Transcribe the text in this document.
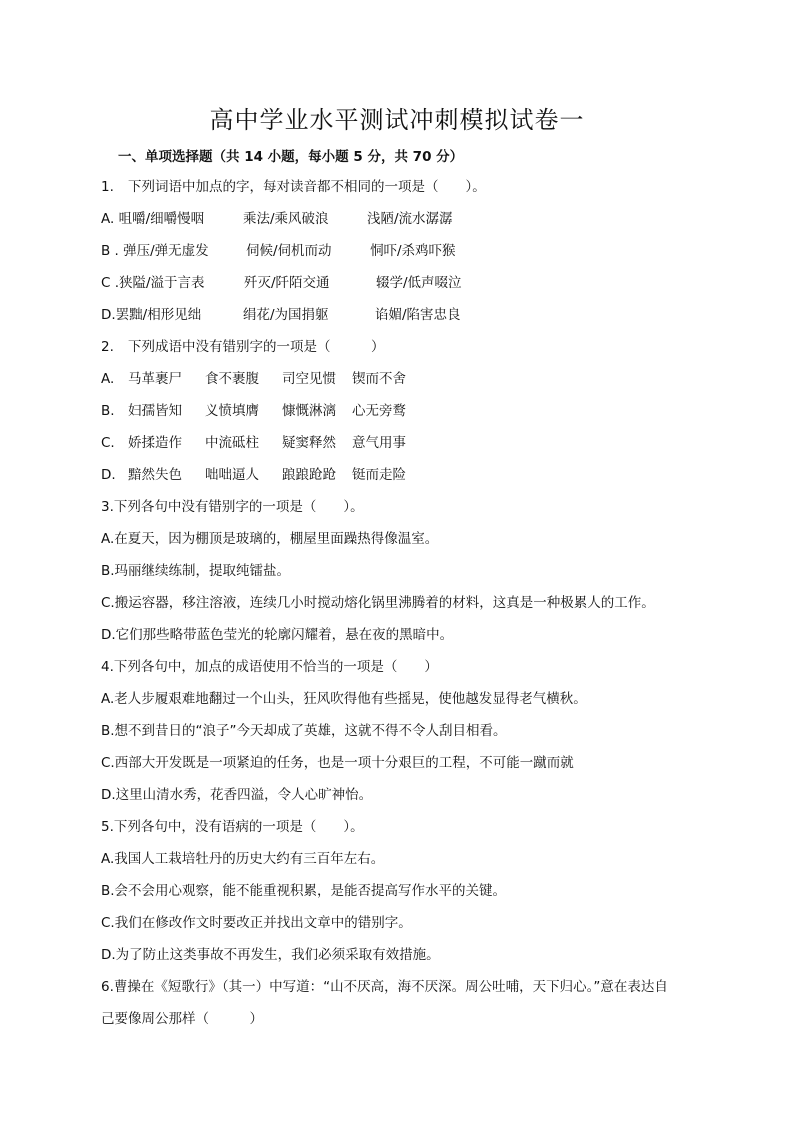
高中学业水平测试冲刺模拟试卷一
一、单项选择题（共 14 小题，每小题 5 分，共 70 分）
1. 下列词语中加点的字，每对读音都不相同的一项是（　　）。
A. 咀嚼/细嚼慢咽	乘法/乘风破浪	浅陋/流水潺潺
B . 弹压/弹无虚发	伺候/伺机而动	恫吓/杀鸡吓猴
C .狭隘/溢于言表	歼灭/阡陌交通	辍学/低声啜泣
D.罢黜/相形见绌	绢花/为国捐躯	谄媚/陷害忠良
2. 下列成语中没有错别字的一项是（　　　）
A. 马革裹尸 食不裹腹 司空见惯 锲而不舍
B. 妇孺皆知 义愤填膺 慷慨淋漓 心无旁鹜
C. 娇揉造作 中流砥柱 疑窦释然 意气用事
D. 黯然失色 咄咄逼人 踉踉跄跄 铤而走险
3.下列各句中没有错别字的一项是（　　）。
A.在夏天，因为棚顶是玻璃的，棚屋里面躁热得像温室。
B.玛丽继续练制，提取纯镭盐。
C.搬运容器，移注溶液，连续几小时搅动熔化锅里沸腾着的材料，这真是一种极累人的工作。
D.它们那些略带蓝色莹光的轮廓闪耀着，悬在夜的黑暗中。
4.下列各句中，加点的成语使用不恰当的一项是（　　）
A.老人步履艰难地翻过一个山头，狂风吹得他有些摇晃，使他越发显得老气横秋。
B.想不到昔日的“浪子”今天却成了英雄，这就不得不令人刮目相看。
C.西部大开发既是一项紧迫的任务，也是一项十分艰巨的工程，不可能一蹴而就
D.这里山清水秀，花香四溢，令人心旷神怡。
5.下列各句中，没有语病的一项是（　　）。
A.我国人工栽培牡丹的历史大约有三百年左右。
B.会不会用心观察，能不能重视积累，是能否提高写作水平的关键。
C.我们在修改作文时要改正并找出文章中的错别字。
D.为了防止这类事故不再发生，我们必须采取有效措施。
6.曹操在《短歌行》（其一）中写道：“山不厌高，海不厌深。周公吐哺，天下归心。”意在表达自
己要像周公那样（　　　）
